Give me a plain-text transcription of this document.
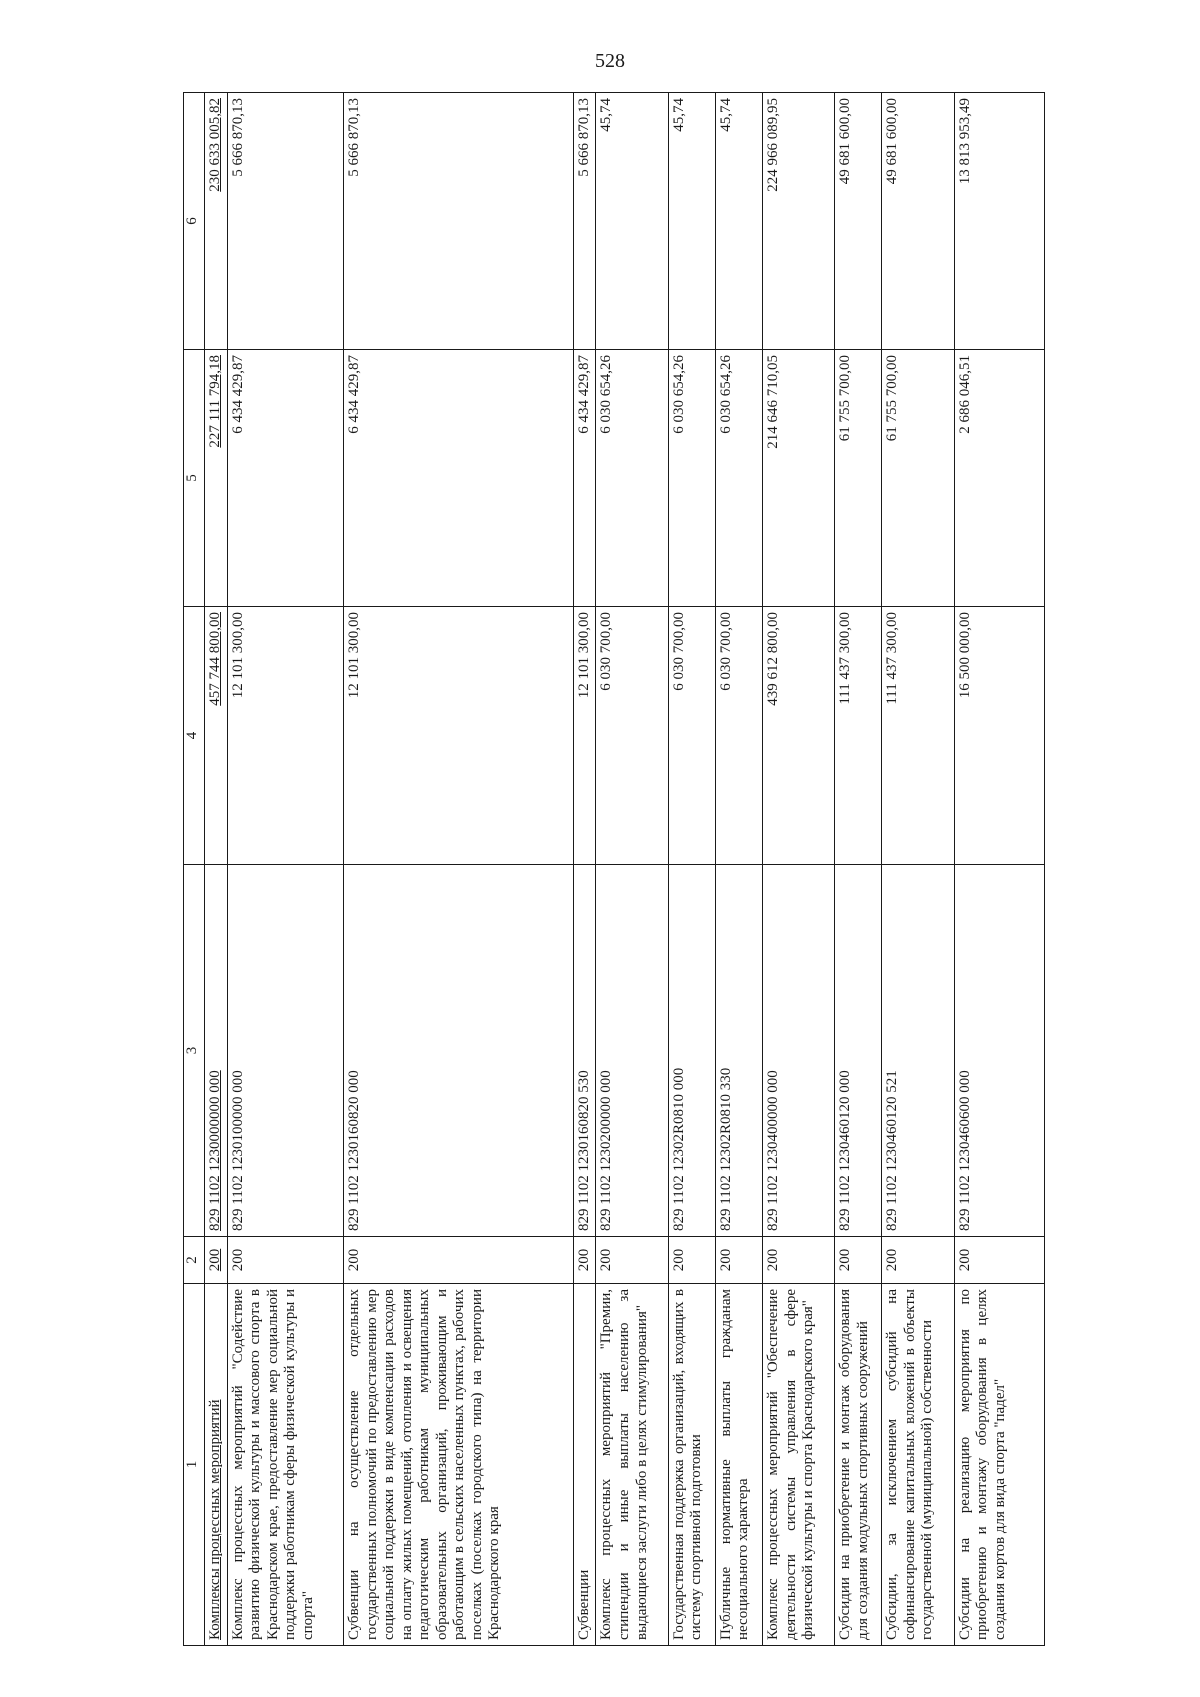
528
1	2	3	4	5	6
Комплексы процессных мероприятий	200	829 1102 1230000000 000	457 744 800,00	227 111 794,18	230 633 005,82
Комплекс процессных мероприятий "Содействие развитию физической культуры и массового спорта в Краснодарском крае, предоставление мер социальной поддержки работникам сферы физической культуры и спорта"	200	829 1102 1230100000 000	12 101 300,00	6 434 429,87	5 666 870,13
Субвенции на осуществление отдельных государственных полномочий по предоставлению мер социальной поддержки в виде компенсации расходов на оплату жилых помещений, отопления и освещения педагогическим работникам муниципальных образовательных организаций, проживающим и работающим в сельских населенных пунктах, рабочих поселках (поселках городского типа) на территории Краснодарского края	200	829 1102 1230160820 000	12 101 300,00	6 434 429,87	5 666 870,13
Субвенции	200	829 1102 1230160820 530	12 101 300,00	6 434 429,87	5 666 870,13
Комплекс процессных мероприятий "Премии, стипендии и иные выплаты населению за выдающиеся заслуги либо в целях стимулирования"	200	829 1102 1230200000 000	6 030 700,00	6 030 654,26	45,74
Государственная поддержка организаций, входящих в систему спортивной подготовки	200	829 1102 12302R0810 000	6 030 700,00	6 030 654,26	45,74
Публичные нормативные выплаты гражданам несоциального характера	200	829 1102 12302R0810 330	6 030 700,00	6 030 654,26	45,74
Комплекс процессных мероприятий "Обеспечение деятельности системы управления в сфере физической культуры и спорта Краснодарского края"	200	829 1102 1230400000 000	439 612 800,00	214 646 710,05	224 966 089,95
Субсидии на приобретение и монтаж оборудования для создания модульных спортивных сооружений	200	829 1102 1230460120 000	111 437 300,00	61 755 700,00	49 681 600,00
Субсидии, за исключением субсидий на софинансирование капитальных вложений в объекты государственной (муниципальной) собственности	200	829 1102 1230460120 521	111 437 300,00	61 755 700,00	49 681 600,00
Субсидии на реализацию мероприятия по приобретению и монтажу оборудования в целях создания кортов для вида спорта "падел"	200	829 1102 1230460600 000	16 500 000,00	2 686 046,51	13 813 953,49
